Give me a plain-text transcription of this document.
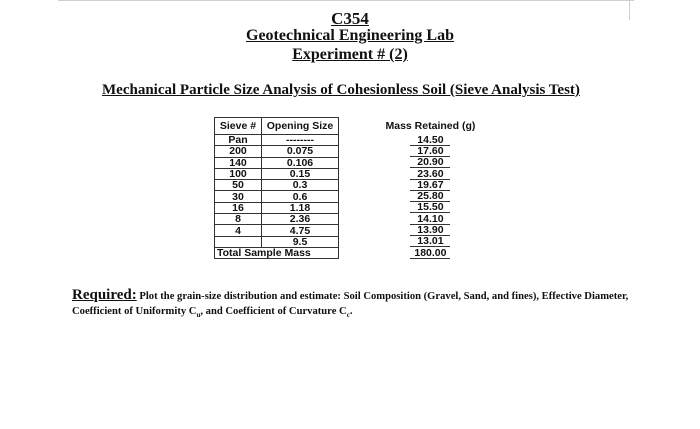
C354
Geotechnical Engineering Lab
Experiment # (2)
Mechanical Particle Size Analysis of Cohesionless Soil (Sieve Analysis Test)
Sieve #	Opening Size		Mass Retained (g)
Pan	--------		14.50
200	0.075		17.60
140	0.106		20.90
100	0.15		23.60
50	0.3		19.67
30	0.6		25.80
16	1.18		15.50
8	2.36		14.10
4	4.75		13.90
	9.5		13.01
Total Sample Mass			180.00
Required: Plot the grain-size distribution and estimate: Soil Composition (Gravel, Sand, and fines), Effective Diameter, Coefficient of Uniformity $C_u$, and Coefficient of Curvature $C_c$.
